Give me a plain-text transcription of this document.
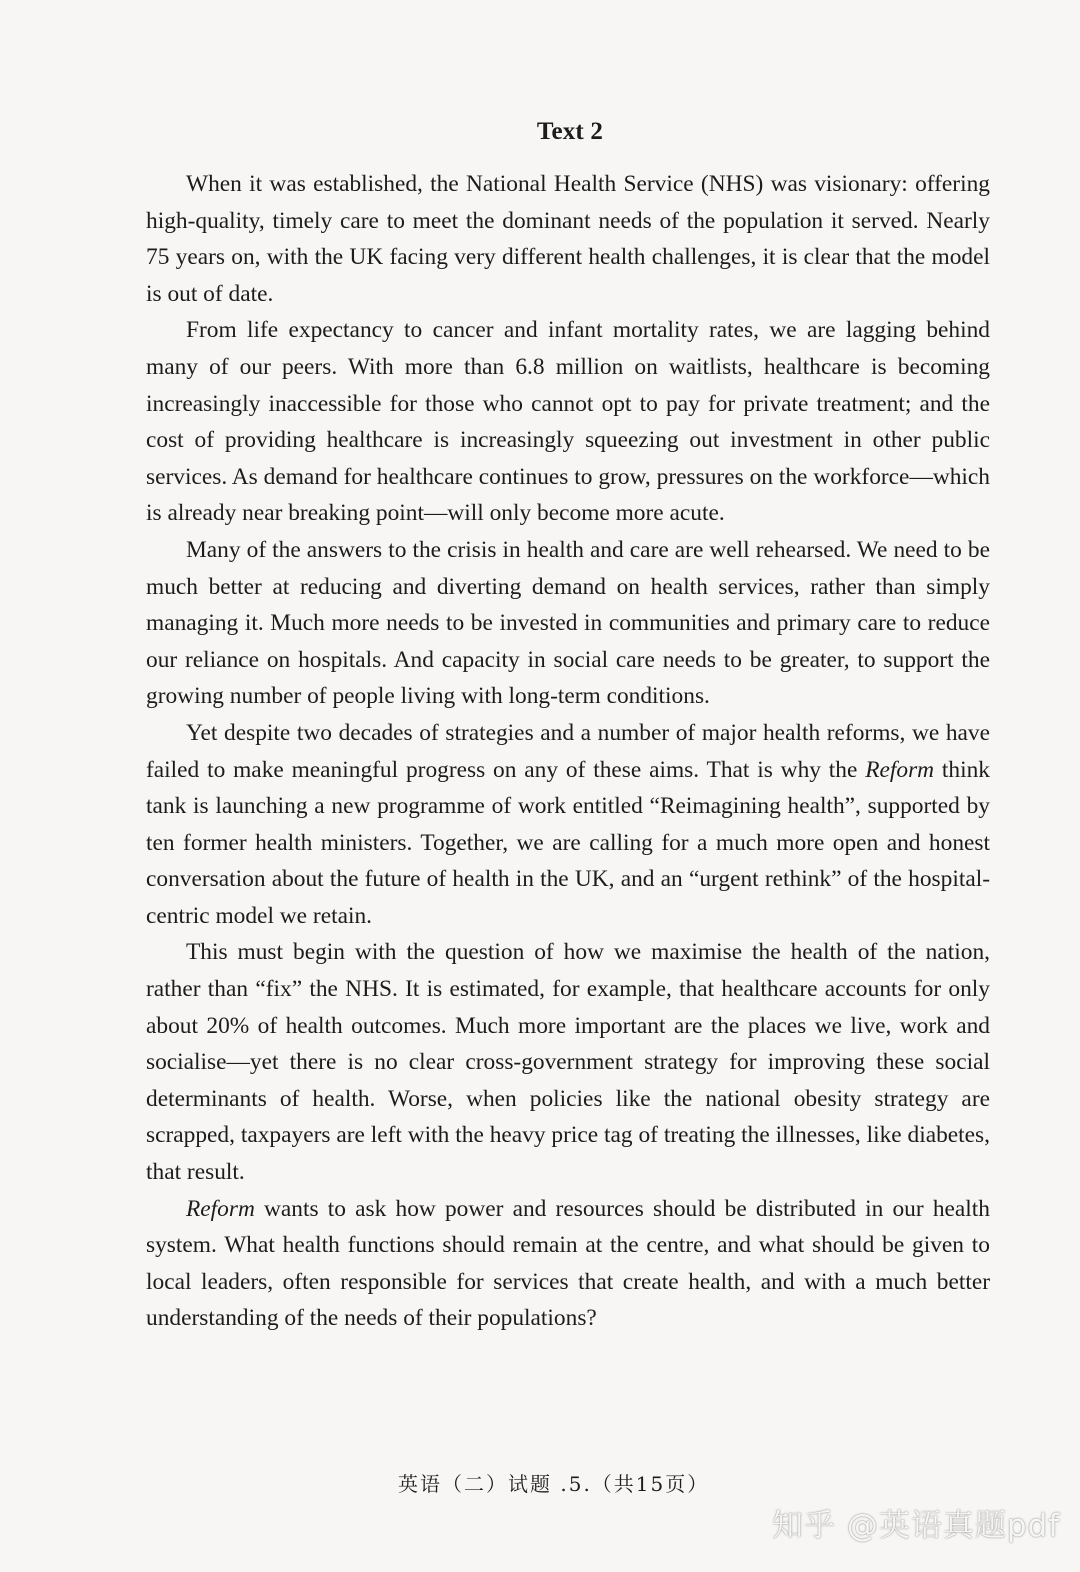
Text 2

When it was established, the National Health Service (NHS) was visionary: offering high-quality, timely care to meet the dominant needs of the population it served. Nearly 75 years on, with the UK facing very different health challenges, it is clear that the model is out of date.

From life expectancy to cancer and infant mortality rates, we are lagging behind many of our peers. With more than 6.8 million on waitlists, healthcare is becoming increasingly inaccessible for those who cannot opt to pay for private treatment; and the cost of providing healthcare is increasingly squeezing out investment in other public services. As demand for healthcare continues to grow, pressures on the workforce—which is already near breaking point—will only become more acute.

Many of the answers to the crisis in health and care are well rehearsed. We need to be much better at reducing and diverting demand on health services, rather than simply managing it. Much more needs to be invested in communities and primary care to reduce our reliance on hospitals. And capacity in social care needs to be greater, to support the growing number of people living with long-term conditions.

Yet despite two decades of strategies and a number of major health reforms, we have failed to make meaningful progress on any of these aims. That is why the Reform think tank is launching a new programme of work entitled “Reimagining health”, supported by ten former health ministers. Together, we are calling for a much more open and honest conversation about the future of health in the UK, and an “urgent rethink” of the hospital-centric model we retain.

This must begin with the question of how we maximise the health of the nation, rather than “fix” the NHS. It is estimated, for example, that healthcare accounts for only about 20% of health outcomes. Much more important are the places we live, work and socialise—yet there is no clear cross-government strategy for improving these social determinants of health. Worse, when policies like the national obesity strategy are scrapped, taxpayers are left with the heavy price tag of treating the illnesses, like diabetes, that result.

Reform wants to ask how power and resources should be distributed in our health system. What health functions should remain at the centre, and what should be given to local leaders, often responsible for services that create health, and with a much better understanding of the needs of their populations?

英语（二）试题 .5.（共15页）
知乎 @英语真题pdf
